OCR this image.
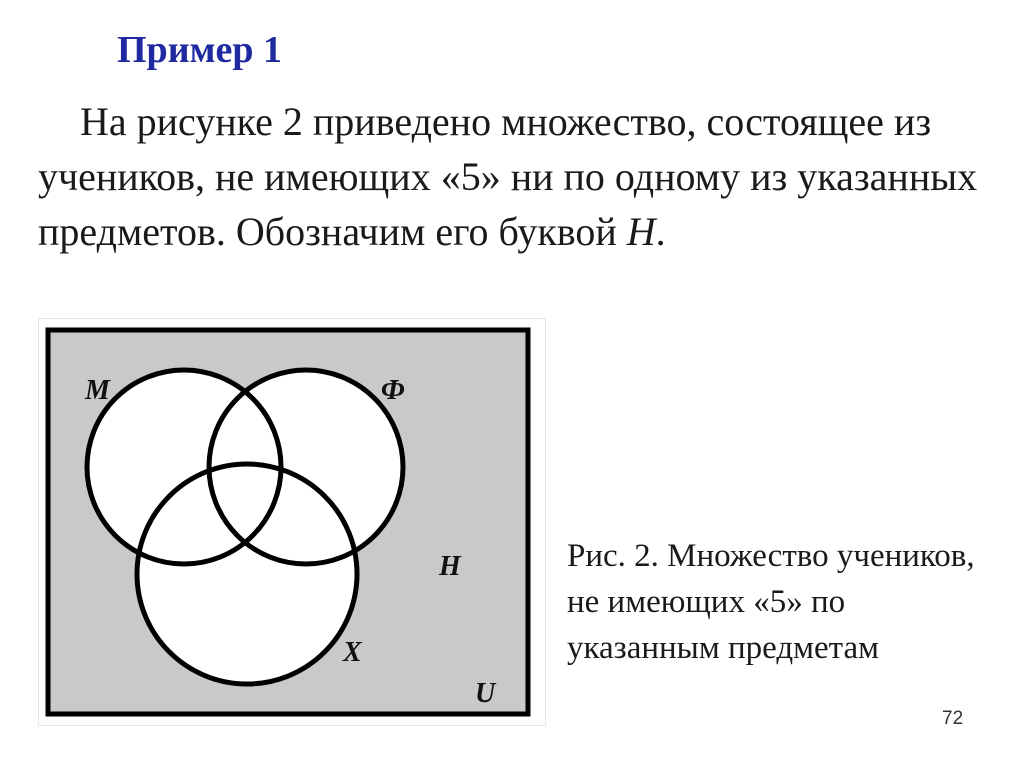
Пример 1
На рисунке 2 приведено множество, состоящее из учеников, не имеющих «5» ни по одному из указанных предметов. Обозначим его буквой Н.
М	Ф
Н
Х
U
Рис. 2. Множество учеников, не имеющих «5» по указанным предметам
72
